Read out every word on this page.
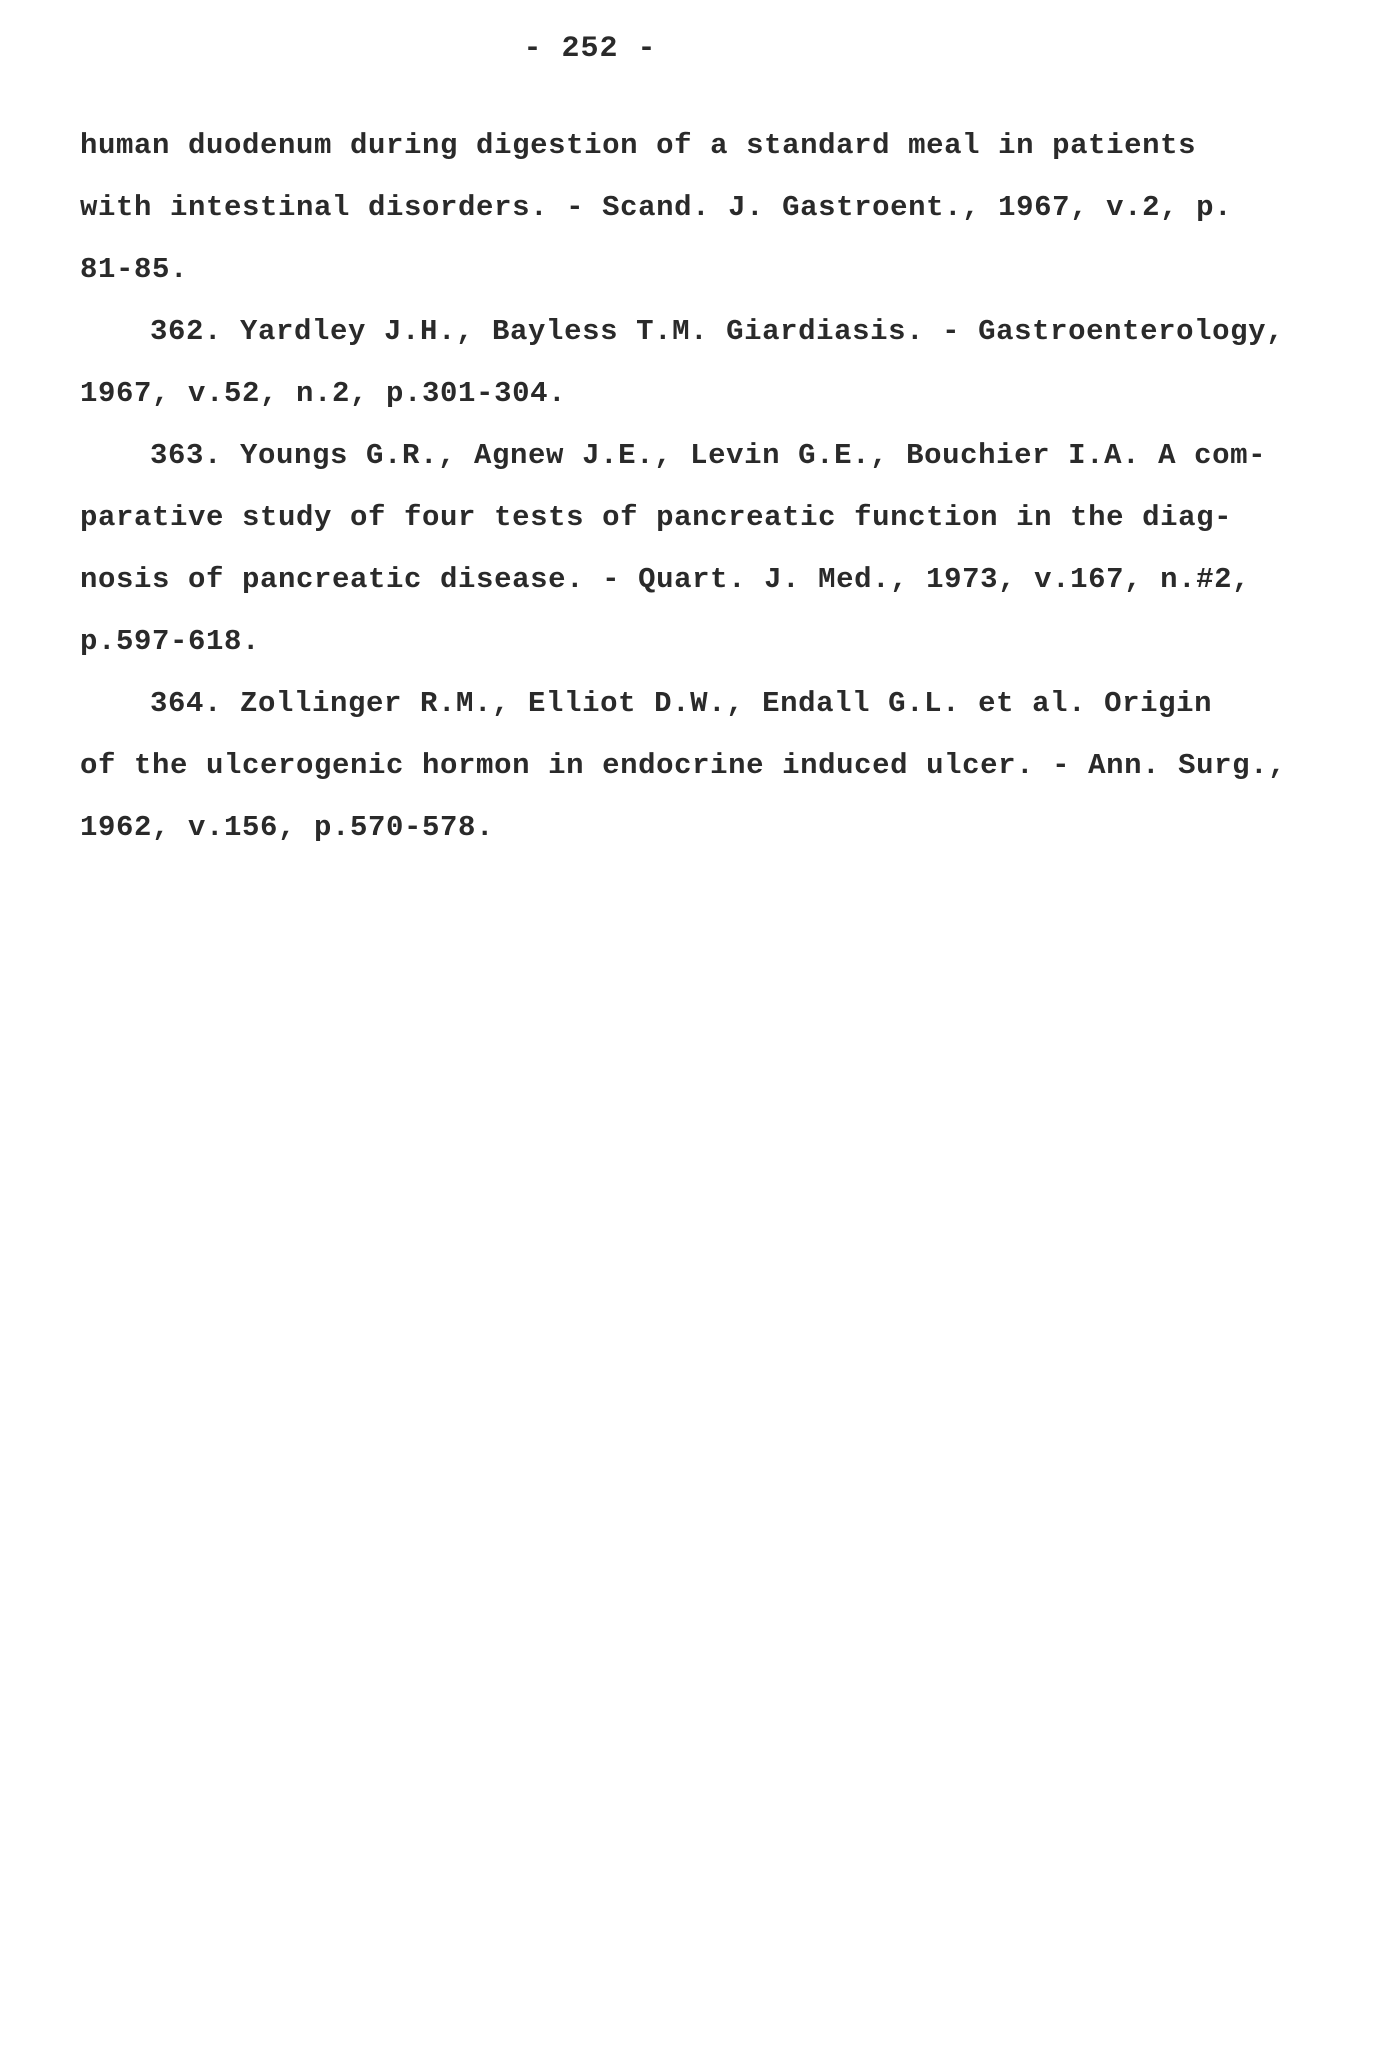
- 252 -
human duodenum during digestion of a standard meal in patients
with intestinal disorders. - Scand. J. Gastroent., 1967, v.2, p.
81-85.
362. Yardley J.H., Bayless T.M. Giardiasis. - Gastroenterology,
1967, v.52, n.2, p.301-304.
363. Youngs G.R., Agnew J.E., Levin G.E., Bouchier I.A. A com-
parative study of four tests of pancreatic function in the diag-
nosis of pancreatic disease. - Quart. J. Med., 1973, v.167, n.#2,
p.597-618.
364. Zollinger R.M., Elliot D.W., Endall G.L. et al. Origin
of the ulcerogenic hormon in endocrine induced ulcer. - Ann. Surg.,
1962, v.156, p.570-578.
